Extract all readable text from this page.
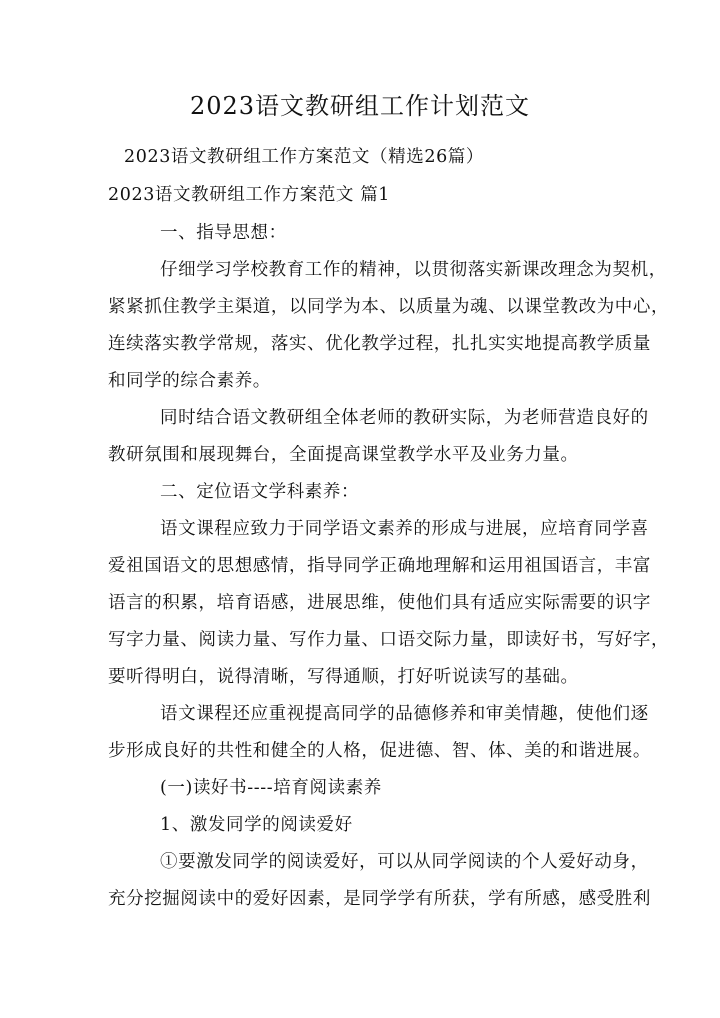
2023语文教研组工作计划范文

2023语文教研组工作方案范文（精选26篇）

2023语文教研组工作方案范文 篇1

一、指导思想：

仔细学习学校教育工作的精神，以贯彻落实新课改理念为契机，

紧紧抓住教学主渠道，以同学为本、以质量为魂、以课堂教改为中心，

连续落实教学常规，落实、优化教学过程，扎扎实实地提高教学质量

和同学的综合素养。

同时结合语文教研组全体老师的教研实际，为老师营造良好的

教研氛围和展现舞台，全面提高课堂教学水平及业务力量。

二、定位语文学科素养：

语文课程应致力于同学语文素养的形成与进展，应培育同学喜

爱祖国语文的思想感情，指导同学正确地理解和运用祖国语言，丰富

语言的积累，培育语感，进展思维，使他们具有适应实际需要的识字

写字力量、阅读力量、写作力量、口语交际力量，即读好书，写好字，

要听得明白，说得清晰，写得通顺，打好听说读写的基础。

语文课程还应重视提高同学的品德修养和审美情趣，使他们逐

步形成良好的共性和健全的人格，促进德、智、体、美的和谐进展。

(一)读好书----培育阅读素养

1、激发同学的阅读爱好

①要激发同学的阅读爱好，可以从同学阅读的个人爱好动身，

充分挖掘阅读中的爱好因素，是同学学有所获，学有所感，感受胜利
